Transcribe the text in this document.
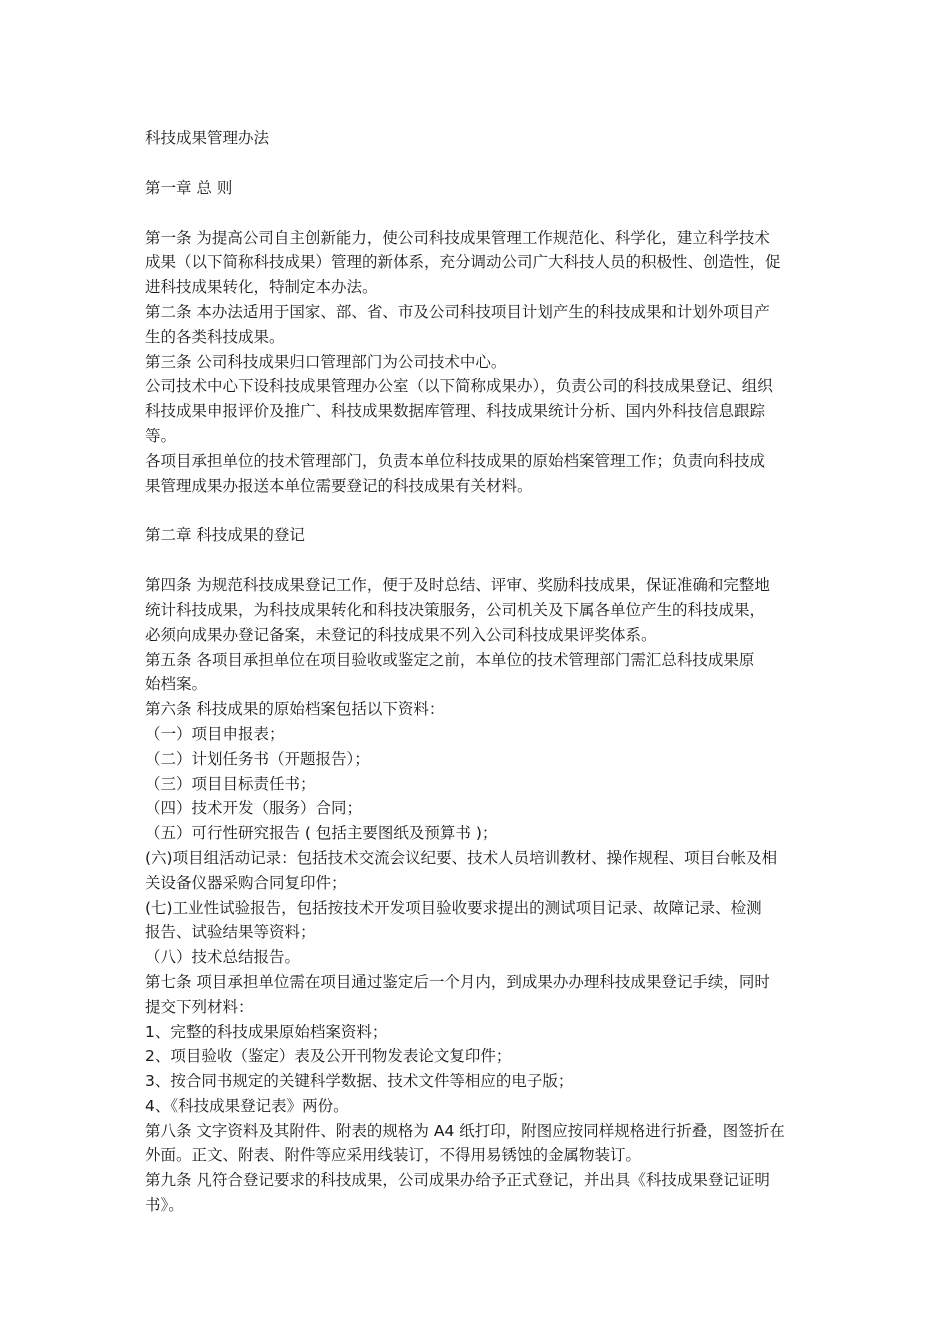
科技成果管理办法

第一章 总 则

第一条 为提高公司自主创新能力，使公司科技成果管理工作规范化、科学化，建立科学技术

成果（以下简称科技成果）管理的新体系，充分调动公司广大科技人员的积极性、创造性，促

进科技成果转化，特制定本办法。

第二条 本办法适用于国家、部、省、市及公司科技项目计划产生的科技成果和计划外项目产

生的各类科技成果。

第三条 公司科技成果归口管理部门为公司技术中心。

公司技术中心下设科技成果管理办公室（以下简称成果办），负责公司的科技成果登记、组织

科技成果申报评价及推广、科技成果数据库管理、科技成果统计分析、国内外科技信息跟踪

等。

各项目承担单位的技术管理部门，负责本单位科技成果的原始档案管理工作；负责向科技成

果管理成果办报送本单位需要登记的科技成果有关材料。

第二章 科技成果的登记

第四条 为规范科技成果登记工作，便于及时总结、评审、奖励科技成果，保证准确和完整地

统计科技成果，为科技成果转化和科技决策服务，公司机关及下属各单位产生的科技成果，

必须向成果办登记备案，未登记的科技成果不列入公司科技成果评奖体系。

第五条 各项目承担单位在项目验收或鉴定之前，本单位的技术管理部门需汇总科技成果原

始档案。

第六条 科技成果的原始档案包括以下资料：

（一）项目申报表；

（二）计划任务书（开题报告）；

（三）项目目标责任书；

（四）技术开发（服务）合同；

（五）可行性研究报告 ( 包括主要图纸及预算书 )；

(六)项目组活动记录：包括技术交流会议纪要、技术人员培训教材、操作规程、项目台帐及相

关设备仪器采购合同复印件；

(七)工业性试验报告，包括按技术开发项目验收要求提出的测试项目记录、故障记录、检测

报告、试验结果等资料；

（八）技术总结报告。

第七条 项目承担单位需在项目通过鉴定后一个月内，到成果办办理科技成果登记手续，同时

提交下列材料：

1、完整的科技成果原始档案资料；

2、项目验收（鉴定）表及公开刊物发表论文复印件；

3、按合同书规定的关键科学数据、技术文件等相应的电子版；

4、《科技成果登记表》两份。

第八条 文字资料及其附件、附表的规格为 A4 纸打印，附图应按同样规格进行折叠，图签折在

外面。正文、附表、附件等应采用线装订，不得用易锈蚀的金属物装订。

第九条 凡符合登记要求的科技成果，公司成果办给予正式登记，并出具《科技成果登记证明

书》。
